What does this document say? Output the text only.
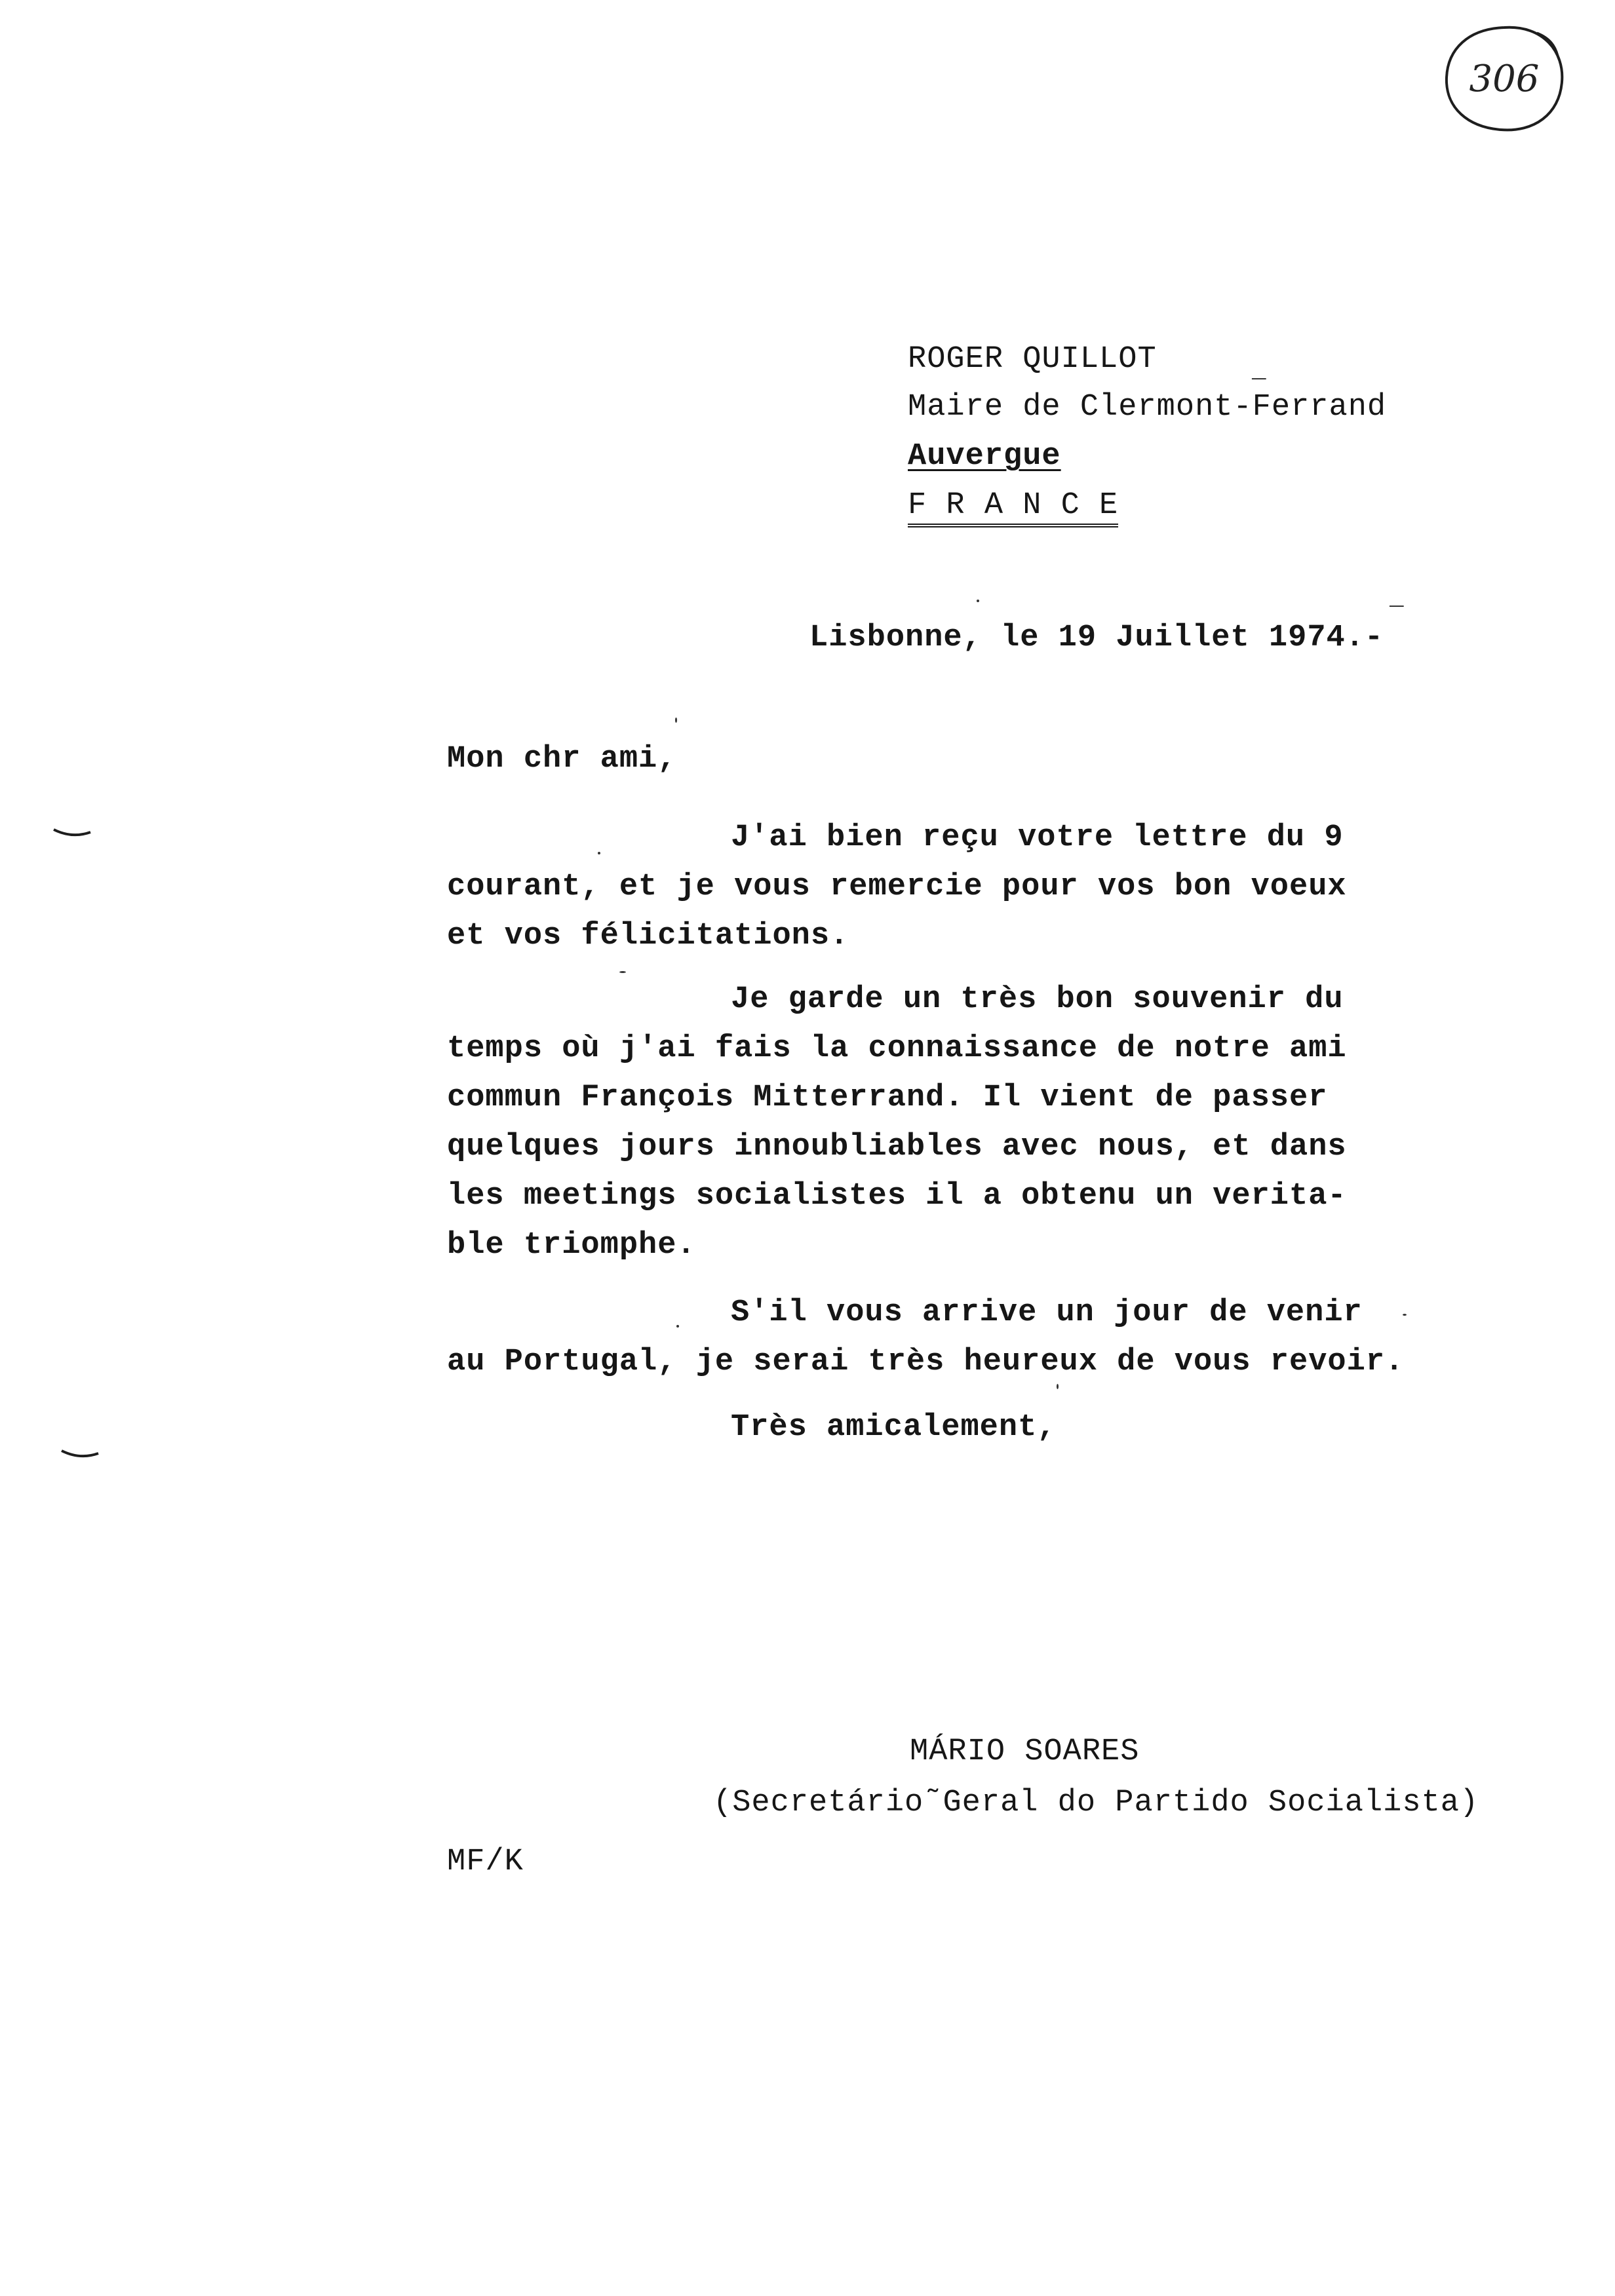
306
ROGER QUILLOT	_
Maire de Clermont-Ferrand
Auvergue
F R A N C E
_
Lisbonne, le 19 Juillet 1974.-
Mon chr ami,
J'ai bien reçu votre lettre du 9
courant, et je vous remercie pour vos bon voeux
et vos félicitations.
Je garde un très bon souvenir du
temps où j'ai fais la connaissance de notre ami
commun François Mitterrand. Il vient de passer
quelques jours innoubliables avec nous, et dans
les meetings socialistes il a obtenu un verita-
ble triomphe.
S'il vous arrive un jour de venir
au Portugal, je serai très heureux de vous revoir.
Très amicalement,
MÁRIO SOARES
(Secretário˜Geral do Partido Socialista)
MF/K
